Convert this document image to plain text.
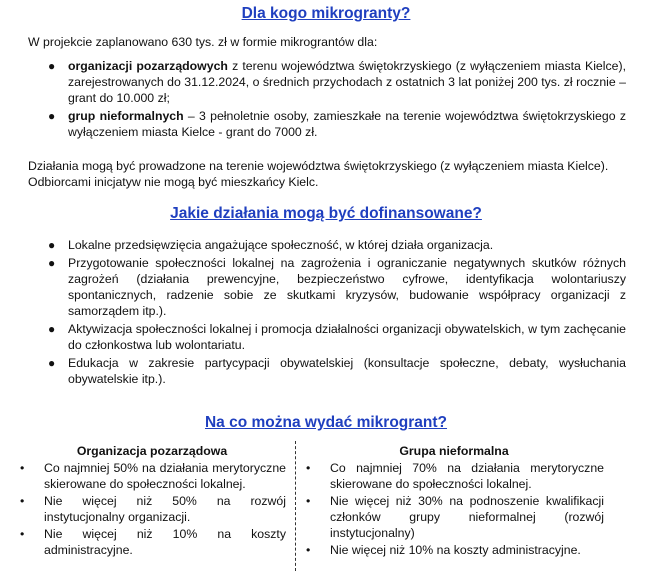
Dla kogo mikrogranty?

W projekcie zaplanowano 630 tys. zł w formie mikrograntów dla:

● organizacji pozarządowych z terenu województwa świętokrzyskiego (z wyłączeniem miasta Kielce), zarejestrowanych do 31.12.2024, o średnich przychodach z ostatnich 3 lat poniżej 200 tys. zł rocznie – grant do 10.000 zł;
● grup nieformalnych – 3 pełnoletnie osoby, zamieszkałe na terenie województwa świętokrzyskiego z wyłączeniem miasta Kielce - grant do 7000 zł.

Działania mogą być prowadzone na terenie województwa świętokrzyskiego (z wyłączeniem miasta Kielce). Odbiorcami inicjatyw nie mogą być mieszkańcy Kielc.

Jakie działania mogą być dofinansowane?
● Lokalne przedsięwzięcia angażujące społeczność, w której działa organizacja.
● Przygotowanie społeczności lokalnej na zagrożenia i ograniczanie negatywnych skutków różnych zagrożeń (działania prewencyjne, bezpieczeństwo cyfrowe, identyfikacja wolontariuszy spontanicznych, radzenie sobie ze skutkami kryzysów, budowanie współpracy organizacji z samorządem itp.).
● Aktywizacja społeczności lokalnej i promocja działalności organizacji obywatelskich, w tym zachęcanie do członkostwa lub wolontariatu.
● Edukacja w zakresie partycypacji obywatelskiej (konsultacje społeczne, debaty, wysłuchania obywatelskie itp.).
Na co można wydać mikrogrant?
Organizacja pozarządowa
• Co najmniej 50% na działania merytoryczne skierowane do społeczności lokalnej.
• Nie więcej niż 50% na rozwój instytucjonalny organizacji.
• Nie więcej niż 10% na koszty administracyjne.
Grupa nieformalna
• Co najmniej 70% na działania merytoryczne skierowane do społeczności lokalnej.
• Nie więcej niż 30% na podnoszenie kwalifikacji członków grupy nieformalnej (rozwój instytucjonalny)
• Nie więcej niż 10% na koszty administracyjne.
